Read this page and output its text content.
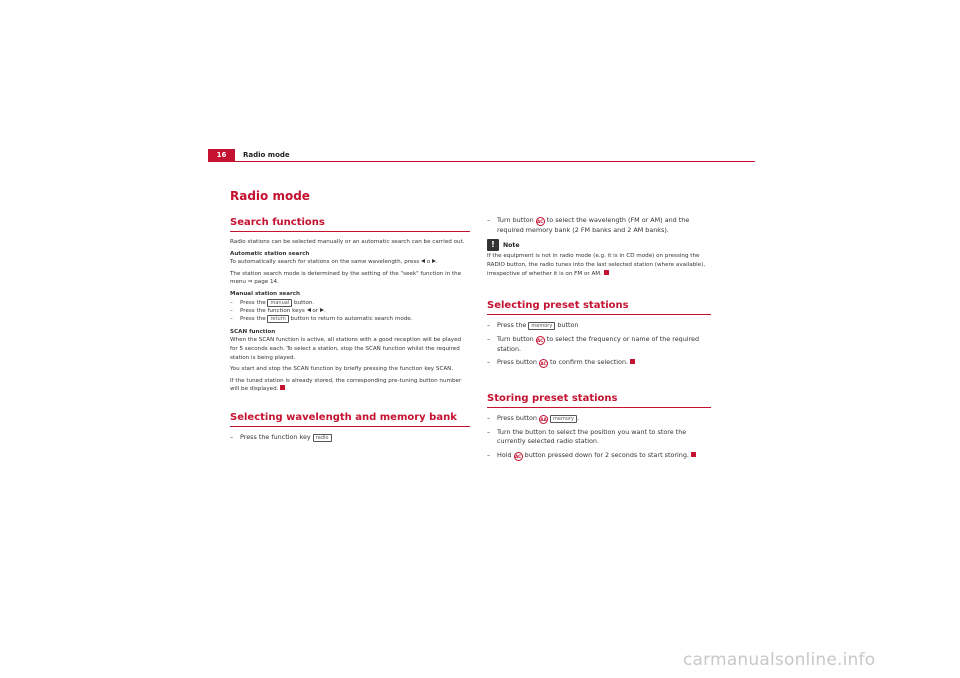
16	Radio mode
Radio mode
Search functions

Radio stations can be selected manually or an automatic search can be carried out.

Automatic station search

To automatically search for stations on the same wavelength, press o .

The station search mode is determined by the setting of the "seek" function in the menu ⇒ page 14.

Manual station search

– Press the manual button.

– Press the function keys or .

– Press the return button to return to automatic search mode.

SCAN function

When the SCAN function is active, all stations with a good reception will be played for 5 seconds each. To select a station, stop the SCAN function whilst the required station is being played.

You start and stop the SCAN function by briefly pressing the function key SCAN.

If the tuned station is already stored, the corresponding pre-tuning button number will be displayed.

Selecting wavelength and memory bank

– Press the function key radio

– Turn button AC to select the wavelength (FM or AM) and the required memory bank (2 FM banks and 2 AM banks).

!	Note

If the equipment is not in radio mode (e.g. it is in CD mode) on pressing the RADIO button, the radio tunes into the last selected station (where available), irrespective of whether it is on FM or AM.

Selecting preset stations

– Press the memory button

– Turn button AC to select the frequency or name of the required station.

– Press button AC to confirm the selection.

Storing preset stations

– Press button AA memory .

– Turn the button to select the position you want to store the currently selected radio station.

– Hold AC button pressed down for 2 seconds to start storing.

carmanualsonline.info
